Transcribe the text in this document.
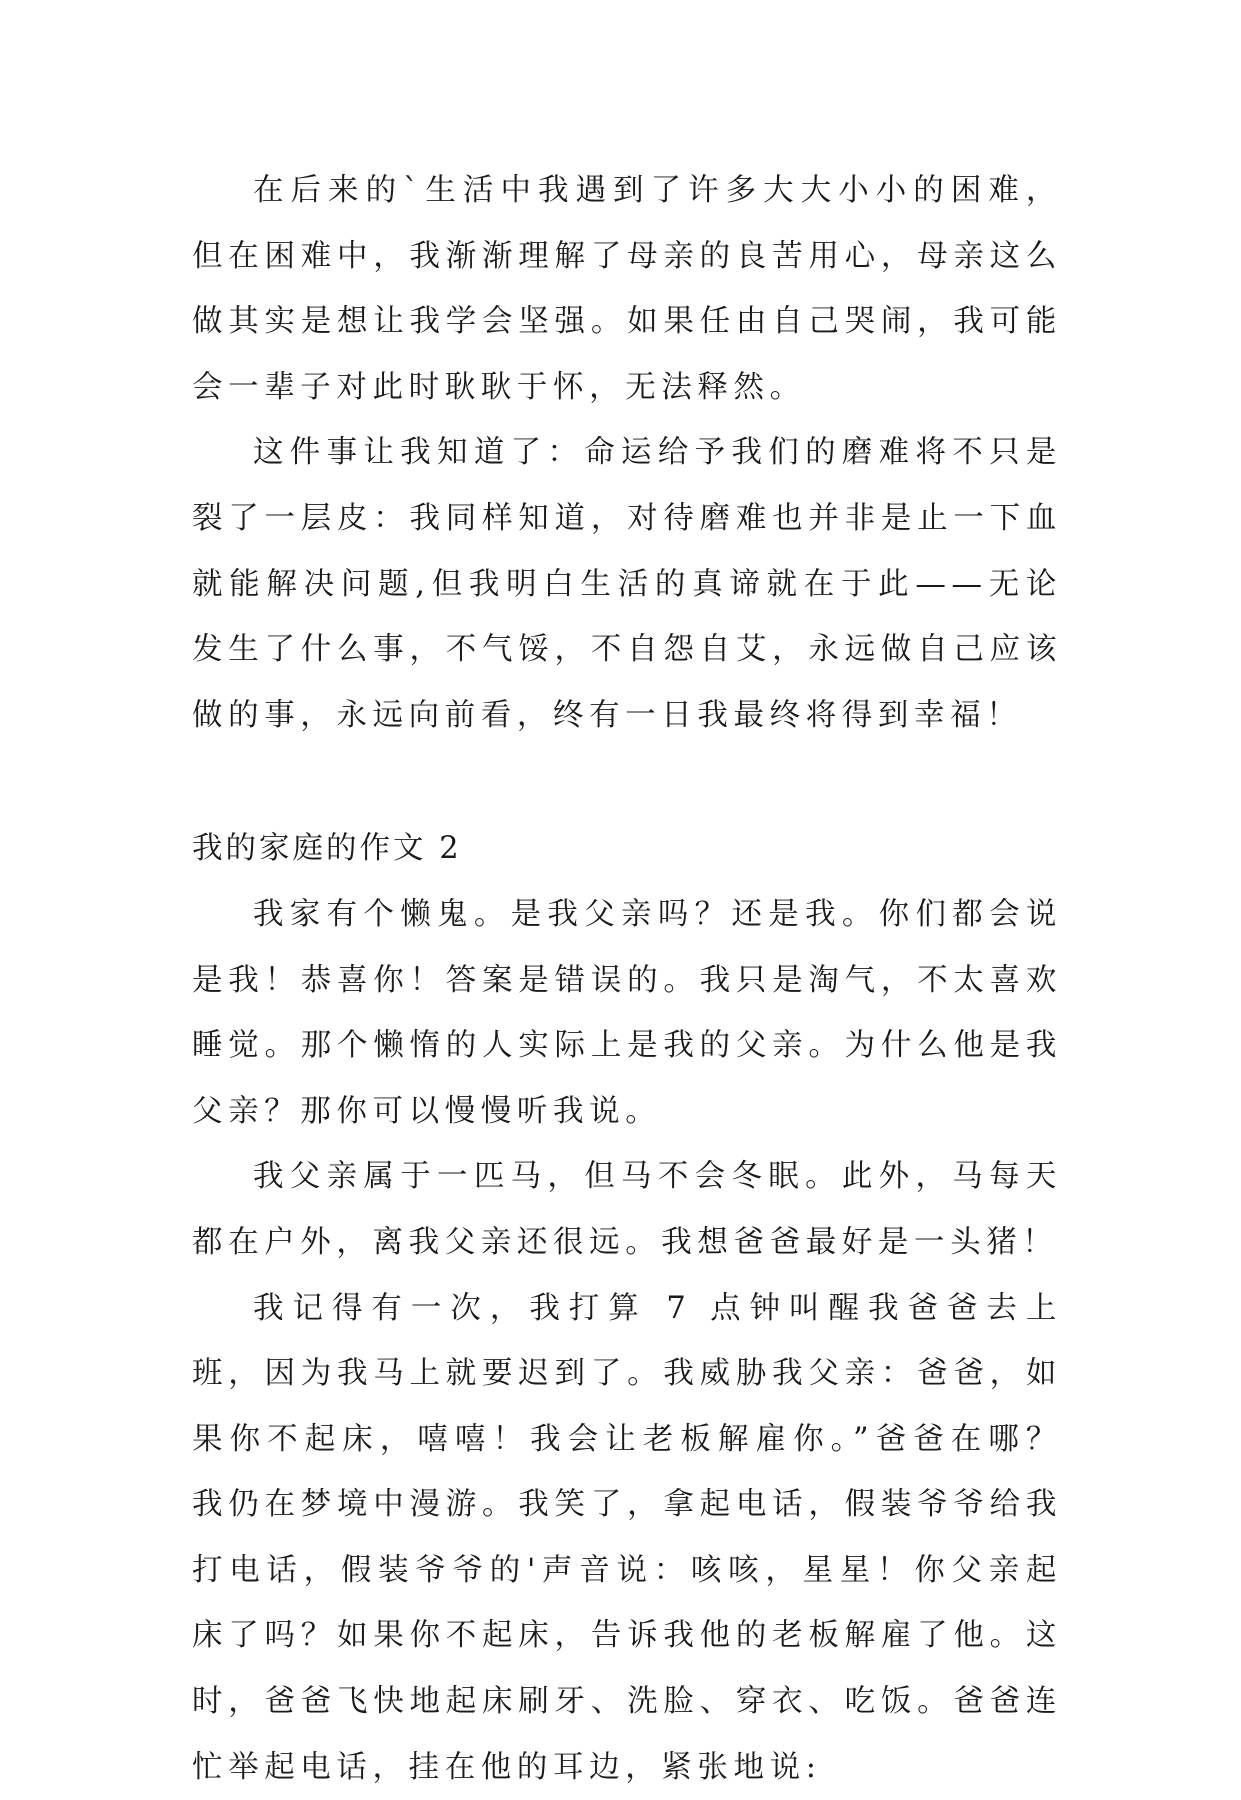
在后来的`生活中我遇到了许多大大小小的困难，但在困难中，我渐渐理解了母亲的良苦用心，母亲这么做其实是想让我学会坚强。如果任由自己哭闹，我可能会一辈子对此时耿耿于怀，无法释然。

这件事让我知道了：命运给予我们的磨难将不只是裂了一层皮：我同样知道，对待磨难也并非是止一下血就能解决问题,但我明白生活的真谛就在于此——无论发生了什么事，不气馁，不自怨自艾，永远做自己应该做的事，永远向前看，终有一日我最终将得到幸福！

我的家庭的作文 2

我家有个懒鬼。是我父亲吗？还是我。你们都会说是我！恭喜你！答案是错误的。我只是淘气，不太喜欢睡觉。那个懒惰的人实际上是我的父亲。为什么他是我父亲？那你可以慢慢听我说。

我父亲属于一匹马，但马不会冬眠。此外，马每天都在户外，离我父亲还很远。我想爸爸最好是一头猪！

我记得有一次，我打算 7 点钟叫醒我爸爸去上班，因为我马上就要迟到了。我威胁我父亲：爸爸，如果你不起床，嘻嘻！我会让老板解雇你。”爸爸在哪？我仍在梦境中漫游。我笑了，拿起电话，假装爷爷给我打电话，假装爷爷的'声音说：咳咳，星星！你父亲起床了吗？如果你不起床，告诉我他的老板解雇了他。这时，爸爸飞快地起床刷牙、洗脸、穿衣、吃饭。爸爸连忙举起电话，挂在他的耳边，紧张地说:
